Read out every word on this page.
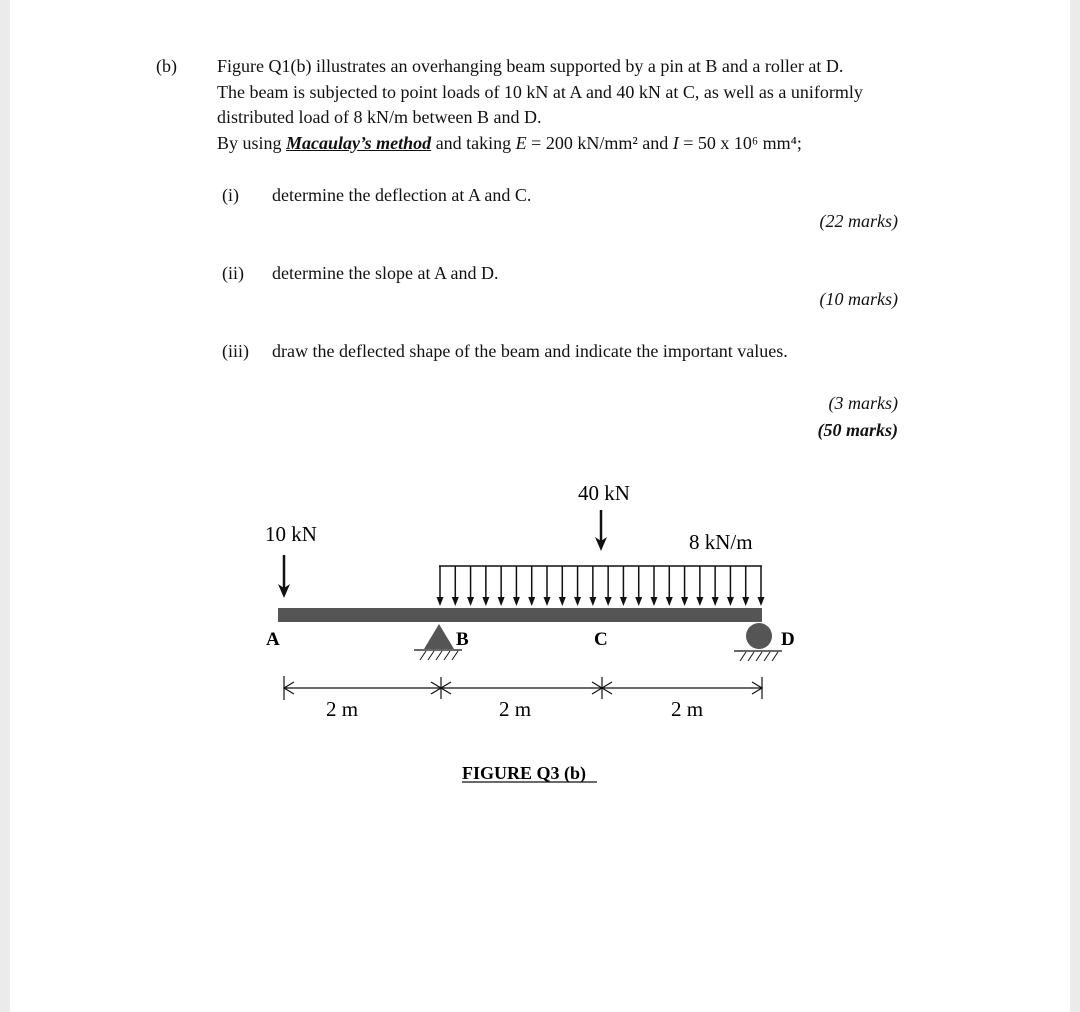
(b) Figure Q1(b) illustrates an overhanging beam supported by a pin at B and a roller at D.
The beam is subjected to point loads of 10 kN at A and 40 kN at C, as well as a uniformly
distributed load of 8 kN/m between B and D.
By using Macaulay’s method and taking E = 200 kN/mm² and I = 50 x 10⁶ mm⁴;
(i) determine the deflection at A and C.
(22 marks)
(ii) determine the slope at A and D.
(10 marks)
(iii) draw the deflected shape of the beam and indicate the important values.
(3 marks)
(50 marks)
40 kN
10 kN	8 kN/m
A	B	C	D
2 m	2 m	2 m
FIGURE Q3 (b)
